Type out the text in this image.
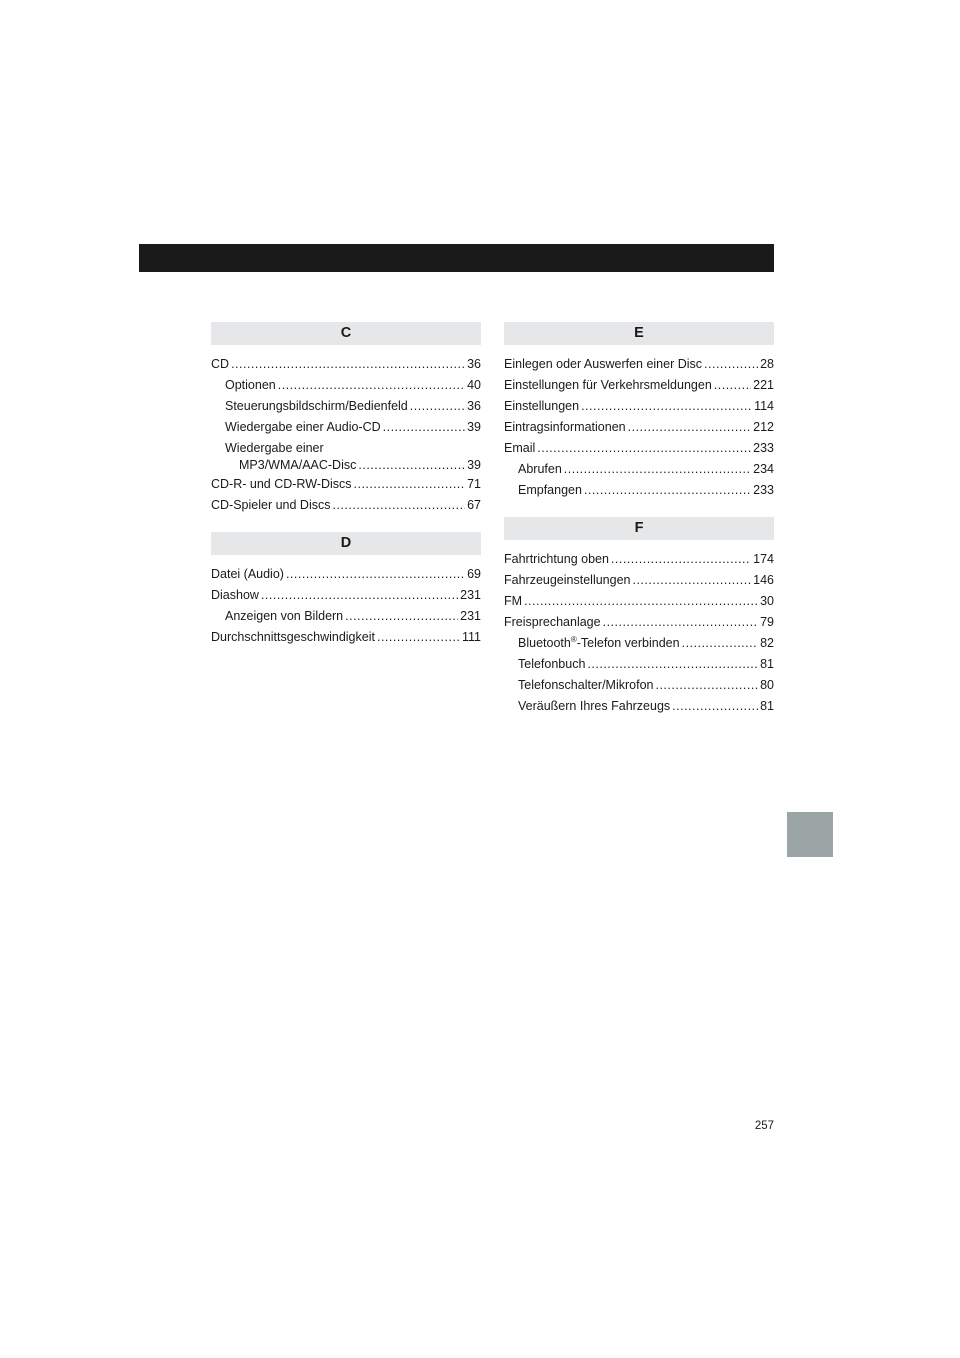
C
CD .....	36
Optionen .....	40
Steuerungsbildschirm/Bedienfeld .....	36
Wiedergabe einer Audio-CD .....	39
Wiedergabe einer
MP3/WMA/AAC-Disc .....	39
CD-R- und CD-RW-Discs .....	71
CD-Spieler und Discs .....	67
D
Datei (Audio) .....	69
Diashow .....	231
Anzeigen von Bildern .....	231
Durchschnittsgeschwindigkeit .....	111
E
Einlegen oder Auswerfen einer Disc .....	28
Einstellungen für Verkehrsmeldungen .....	221
Einstellungen .....	114
Eintragsinformationen .....	212
Email .....	233
Abrufen .....	234
Empfangen .....	233
F
Fahrtrichtung oben .....	174
Fahrzeugeinstellungen .....	146
FM .....	30
Freisprechanlage .....	79
Bluetooth®-Telefon verbinden .....	82
Telefonbuch .....	81
Telefonschalter/Mikrofon .....	80
Veräußern Ihres Fahrzeugs .....	81
257
